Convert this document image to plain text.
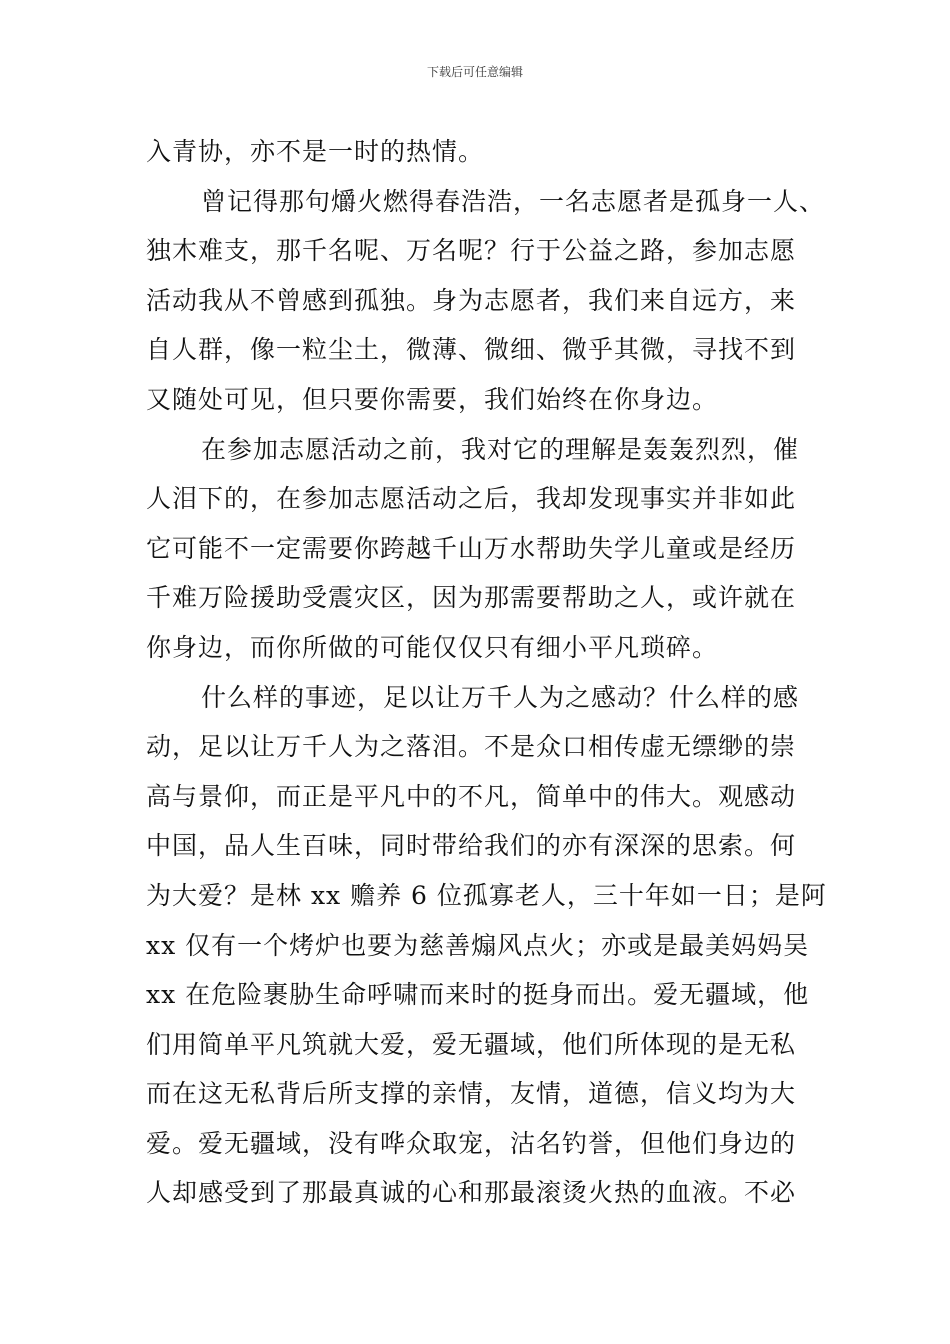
下载后可任意编辑
入青协，亦不是一时的热情。
曾记得那句爝火燃得春浩浩，一名志愿者是孤身一人、
独木难支，那千名呢、万名呢？行于公益之路，参加志愿
活动我从不曾感到孤独。身为志愿者，我们来自远方，来
自人群，像一粒尘土，微薄、微细、微乎其微，寻找不到
又随处可见，但只要你需要，我们始终在你身边。
在参加志愿活动之前，我对它的理解是轰轰烈烈，催
人泪下的，在参加志愿活动之后，我却发现事实并非如此
它可能不一定需要你跨越千山万水帮助失学儿童或是经历
千难万险援助受震灾区，因为那需要帮助之人，或许就在
你身边，而你所做的可能仅仅只有细小平凡琐碎。
什么样的事迹，足以让万千人为之感动？什么样的感
动，足以让万千人为之落泪。不是众口相传虚无缥缈的崇
高与景仰，而正是平凡中的不凡，简单中的伟大。观感动
中国，品人生百味，同时带给我们的亦有深深的思索。何
为大爱？是林 xx 赡养 6 位孤寡老人，三十年如一日；是阿
xx 仅有一个烤炉也要为慈善煽风点火；亦或是最美妈妈吴
xx 在危险裹胁生命呼啸而来时的挺身而出。爱无疆域，他
们用简单平凡筑就大爱，爱无疆域，他们所体现的是无私
而在这无私背后所支撑的亲情，友情，道德，信义均为大
爱。爱无疆域，没有哗众取宠，沽名钓誉，但他们身边的
人却感受到了那最真诚的心和那最滚烫火热的血液。不必
